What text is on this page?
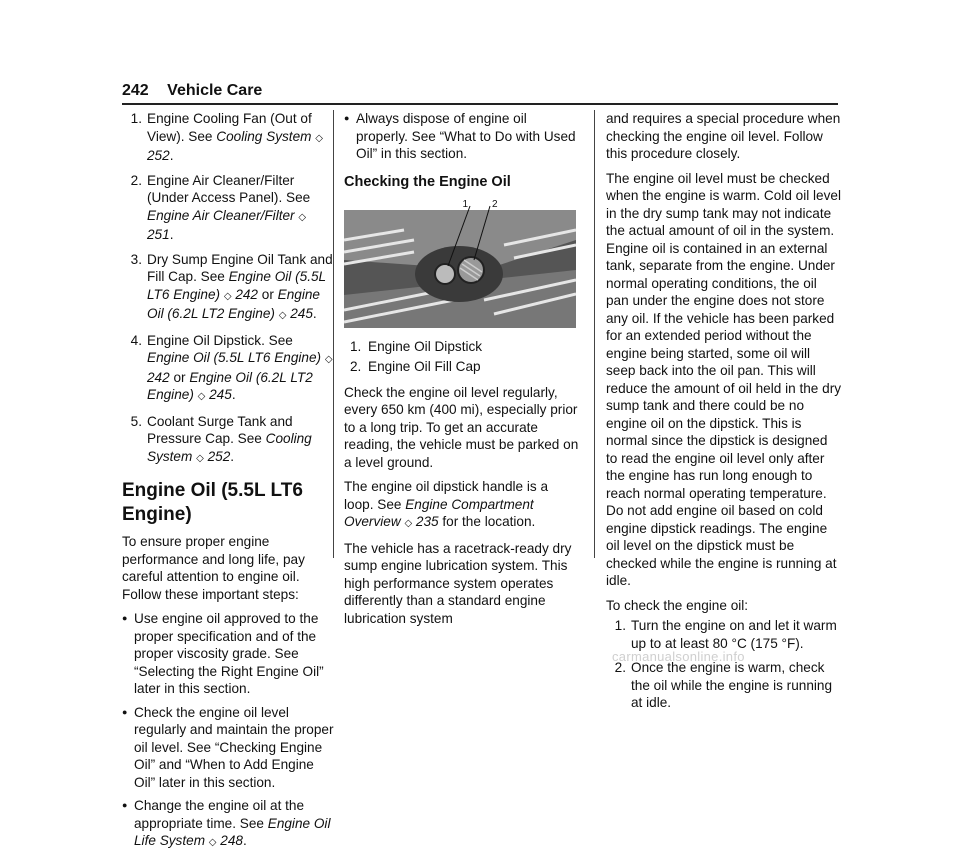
242 Vehicle Care
1. Engine Cooling Fan (Out of View). See Cooling System ◇ 252.
2. Engine Air Cleaner/Filter (Under Access Panel). See Engine Air Cleaner/Filter ◇ 251.
3. Dry Sump Engine Oil Tank and Fill Cap. See Engine Oil (5.5L LT6 Engine) ◇ 242 or Engine Oil (6.2L LT2 Engine) ◇ 245.
4. Engine Oil Dipstick. See Engine Oil (5.5L LT6 Engine) ◇ 242 or Engine Oil (6.2L LT2 Engine) ◇ 245.
5. Coolant Surge Tank and Pressure Cap. See Cooling System ◇ 252.
Engine Oil (5.5L LT6 Engine)

To ensure proper engine performance and long life, pay careful attention to engine oil. Follow these important steps:

● Use engine oil approved to the proper specification and of the proper viscosity grade. See “Selecting the Right Engine Oil” later in this section.
● Check the engine oil level regularly and maintain the proper oil level. See “Checking Engine Oil” and “When to Add Engine Oil” later in this section.
● Change the engine oil at the appropriate time. See Engine Oil Life System ◇ 248.
● Always dispose of engine oil properly. See “What to Do with Used Oil” in this section.
Checking the Engine Oil
1 2
1. Engine Oil Dipstick
2. Engine Oil Fill Cap

Check the engine oil level regularly, every 650 km (400 mi), especially prior to a long trip. To get an accurate reading, the vehicle must be parked on a level ground.

The engine oil dipstick handle is a loop. See Engine Compartment Overview ◇ 235 for the location.

The vehicle has a racetrack-ready dry sump engine lubrication system. This high performance system operates differently than a standard engine lubrication system

and requires a special procedure when checking the engine oil level. Follow this procedure closely.

The engine oil level must be checked when the engine is warm. Cold oil level in the dry sump tank may not indicate the actual amount of oil in the system. Engine oil is contained in an external tank, separate from the engine. Under normal operating conditions, the oil pan under the engine does not store any oil. If the vehicle has been parked for an extended period without the engine being started, some oil will seep back into the oil pan. This will reduce the amount of oil held in the dry sump tank and there could be no engine oil on the dipstick. This is normal since the dipstick is designed to read the engine oil level only after the engine has run long enough to reach normal operating temperature. Do not add engine oil based on cold engine dipstick readings. The engine oil level on the dipstick must be checked while the engine is running at idle.

To check the engine oil:

1. Turn the engine on and let it warm up to at least 80 °C (175 °F).
2. Once the engine is warm, check the oil while the engine is running at idle.
carmanualsonline.info
